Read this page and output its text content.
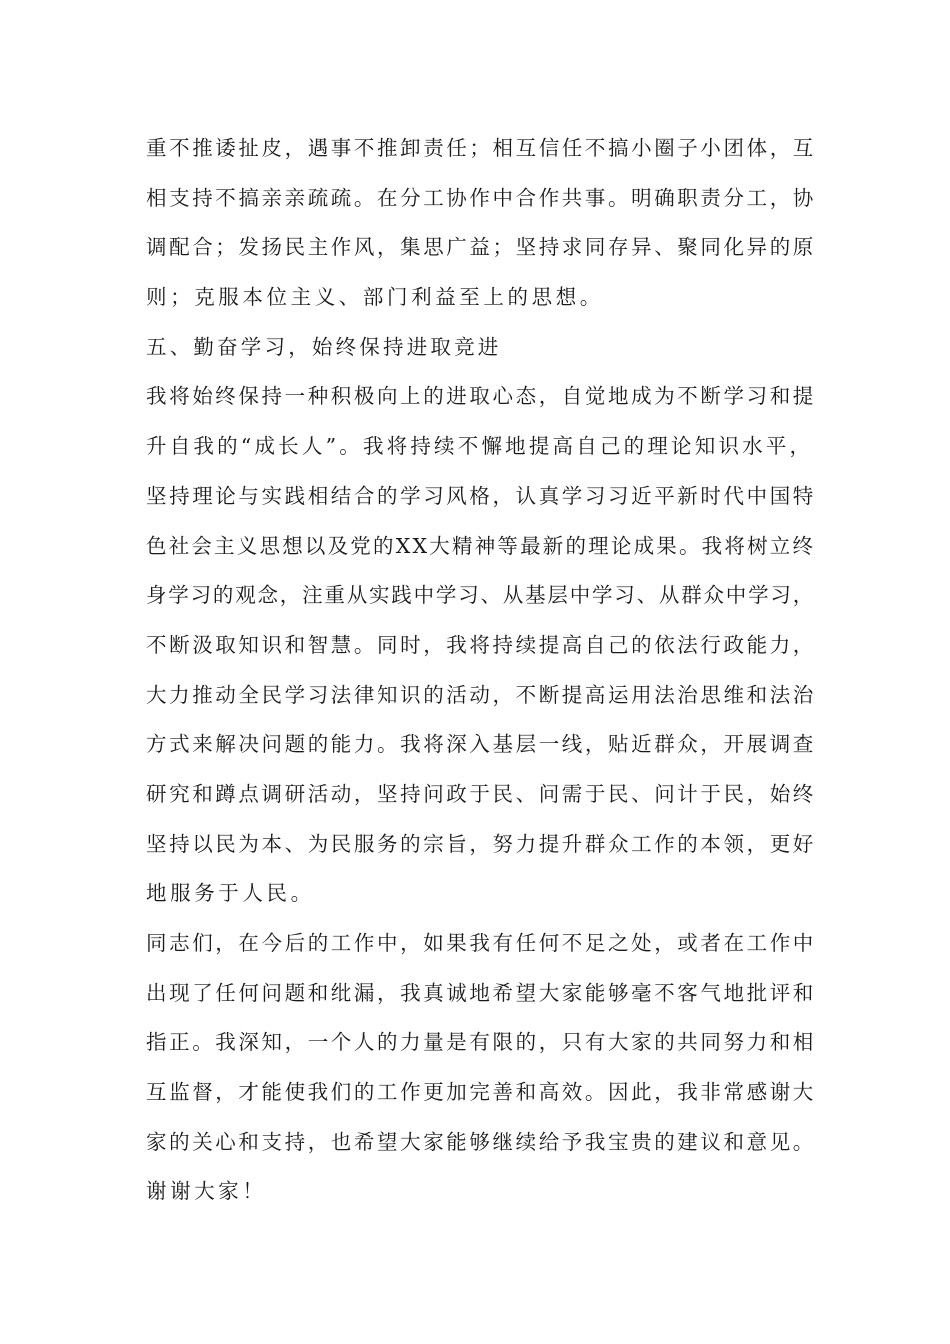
重不推诿扯皮，遇事不推卸责任；相互信任不搞小圈子小团体，互
相支持不搞亲亲疏疏。在分工协作中合作共事。明确职责分工，协
调配合；发扬民主作风，集思广益；坚持求同存异、聚同化异的原
则；克服本位主义、部门利益至上的思想。
五、勤奋学习，始终保持进取竞进
我将始终保持一种积极向上的进取心态，自觉地成为不断学习和提
升自我的“成长人”。我将持续不懈地提高自己的理论知识水平，
坚持理论与实践相结合的学习风格，认真学习习近平新时代中国特
色社会主义思想以及党的XX大精神等最新的理论成果。我将树立终
身学习的观念，注重从实践中学习、从基层中学习、从群众中学习，
不断汲取知识和智慧。同时，我将持续提高自己的依法行政能力，
大力推动全民学习法律知识的活动，不断提高运用法治思维和法治
方式来解决问题的能力。我将深入基层一线，贴近群众，开展调查
研究和蹲点调研活动，坚持问政于民、问需于民、问计于民，始终
坚持以民为本、为民服务的宗旨，努力提升群众工作的本领，更好
地服务于人民。
同志们，在今后的工作中，如果我有任何不足之处，或者在工作中
出现了任何问题和纰漏，我真诚地希望大家能够毫不客气地批评和
指正。我深知，一个人的力量是有限的，只有大家的共同努力和相
互监督，才能使我们的工作更加完善和高效。因此，我非常感谢大
家的关心和支持，也希望大家能够继续给予我宝贵的建议和意见。
谢谢大家！
